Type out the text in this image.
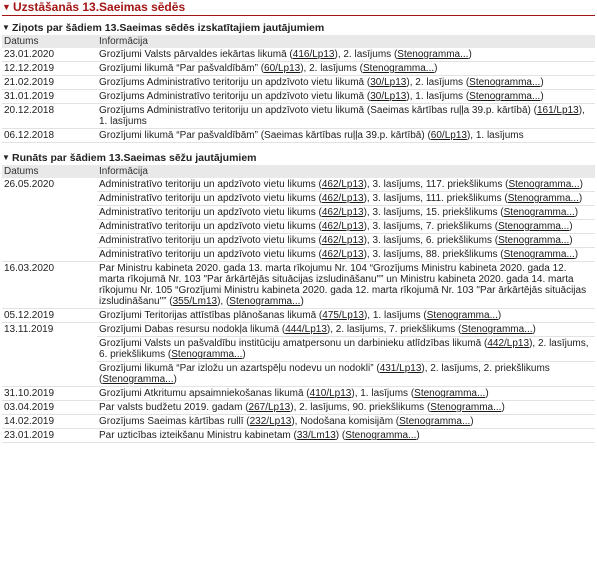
▼ Uzstāšanās 13.Saeimas sēdēs
▼ Ziņots par šādiem 13.Saeimas sēdēs izskatītajiem jautājumiem
Datums	Informācija
23.01.2020	Grozījumi Valsts pārvaldes iekārtas likumā (416/Lp13), 2. lasījums (Stenogramma...)
12.12.2019	Grozījumi likumā “Par pašvaldībām” (60/Lp13), 2. lasījums (Stenogramma...)
21.02.2019	Grozījums Administratīvo teritoriju un apdzīvoto vietu likumā (30/Lp13), 2. lasījums (Stenogramma...)
31.01.2019	Grozījums Administratīvo teritoriju un apdzīvoto vietu likumā (30/Lp13), 1. lasījums (Stenogramma...)
20.12.2018	Grozījums Administratīvo teritoriju un apdzīvoto vietu likumā (Saeimas kārtības ruļļa 39.p. kārtībā) (161/Lp13), 1. lasījums
06.12.2018	Grozījumi likumā “Par pašvaldībām” (Saeimas kārtības ruļļa 39.p. kārtībā) (60/Lp13), 1. lasījums
▼ Runāts par šādiem 13.Saeimas sēžu jautājumiem
Datums	Informācija
26.05.2020	Administratīvo teritoriju un apdzīvoto vietu likums (462/Lp13), 3. lasījums, 117. priekšlikums (Stenogramma...)
	Administratīvo teritoriju un apdzīvoto vietu likums (462/Lp13), 3. lasījums, 111. priekšlikums (Stenogramma...)
	Administratīvo teritoriju un apdzīvoto vietu likums (462/Lp13), 3. lasījums, 15. priekšlikums (Stenogramma...)
	Administratīvo teritoriju un apdzīvoto vietu likums (462/Lp13), 3. lasījums, 7. priekšlikums (Stenogramma...)
	Administratīvo teritoriju un apdzīvoto vietu likums (462/Lp13), 3. lasījums, 6. priekšlikums (Stenogramma...)
	Administratīvo teritoriju un apdzīvoto vietu likums (462/Lp13), 3. lasījums, 88. priekšlikums (Stenogramma...)
16.03.2020	Par Ministru kabineta 2020. gada 13. marta rīkojumu Nr. 104 “Grozījums Ministru kabineta 2020. gada 12. marta rīkojumā Nr. 103 "Par ārkārtējās situācijas izsludināšanu"” un Ministru kabineta 2020. gada 14. marta rīkojumu Nr. 105 “Grozījumi Ministru kabineta 2020. gada 12. marta rīkojumā Nr. 103 "Par ārkārtējās situācijas izsludināšanu"” (355/Lm13), (Stenogramma...)
05.12.2019	Grozījumi Teritorijas attīstības plānošanas likumā (475/Lp13), 1. lasījums (Stenogramma...)
13.11.2019	Grozījumi Dabas resursu nodokļa likumā (444/Lp13), 2. lasījums, 7. priekšlikums (Stenogramma...)
	Grozījumi Valsts un pašvaldību institūciju amatpersonu un darbinieku atlīdzības likumā (442/Lp13), 2. lasījums, 6. priekšlikums (Stenogramma...)
	Grozījumi likumā “Par izložu un azartspēļu nodevu un nodokli” (431/Lp13), 2. lasījums, 2. priekšlikums (Stenogramma...)
31.10.2019	Grozījumi Atkritumu apsaimniekošanas likumā (410/Lp13), 1. lasījums (Stenogramma...)
03.04.2019	Par valsts budžetu 2019. gadam (267/Lp13), 2. lasījums, 90. priekšlikums (Stenogramma...)
14.02.2019	Grozījums Saeimas kārtības rullī (232/Lp13), Nodošana komisijām (Stenogramma...)
23.01.2019	Par uzticības izteikšanu Ministru kabinetam (33/Lm13) (Stenogramma...)
